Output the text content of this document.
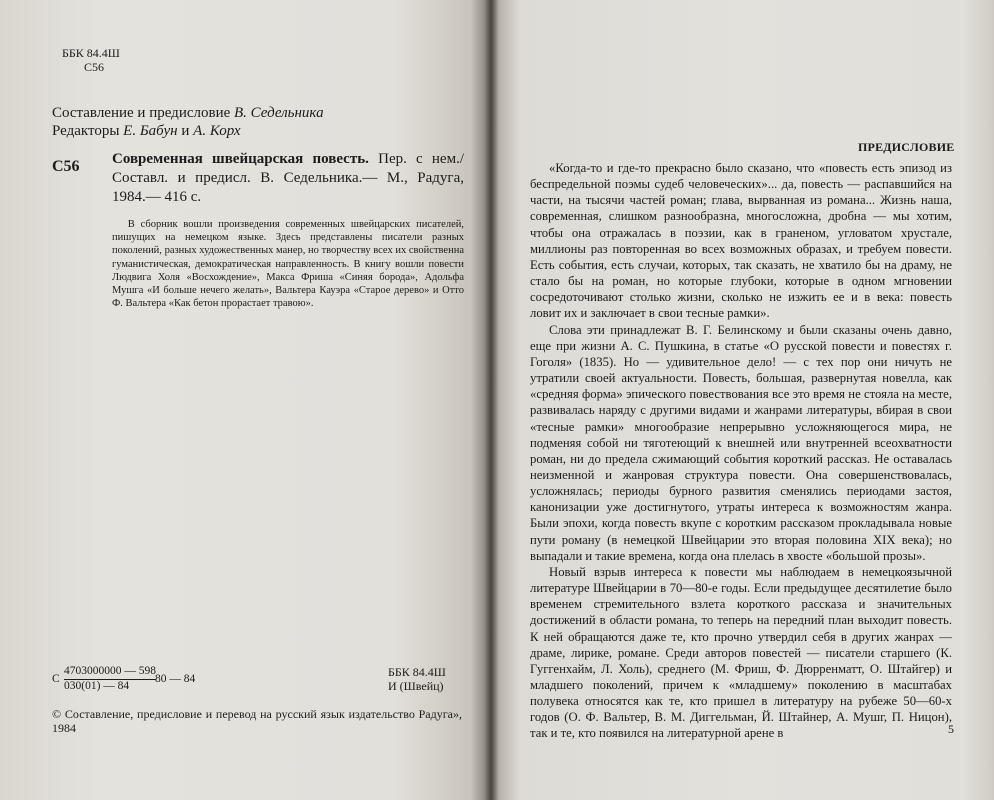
ББК 84.4Ш
С56
Составление и предисловие В. Седельника
Редакторы Е. Бабун и А. Корх
С56 Современная швейцарская повесть. Пер. с нем./Составл. и предисл. В. Седельника.— М., Радуга, 1984.— 416 с.

В сборник вошли произведения современных швейцарских писателей, пишущих на немецком языке. Здесь представлены писатели разных поколений, разных художественных манер, но творчеству всех их свойственна гуманистическая, демократическая направленность. В книгу вошли повести Людвига Холя «Восхождение», Макса Фриша «Синяя борода», Адольфа Мушга «И больше нечего желать», Вальтера Кауэра «Старое дерево» и Отто Ф. Вальтера «Как бетон прорастает травою».

С
4703000000 — 598
030(01) — 84
80 — 84	ББК 84.4Ш
И (Швейц)

© Составление, предисловие и перевод на русский язык издательство Радуга», 1984

ПРЕДИСЛОВИЕ

«Когда-то и где-то прекрасно было сказано, что «повесть есть эпизод из беспредельной поэмы судеб человеческих»... да, повесть — распавшийся на части, на тысячи частей роман; глава, вырванная из романа... Жизнь наша, современная, слишком разнообразна, многосложна, дробна — мы хотим, чтобы она отражалась в поэзии, как в граненом, угловатом хрустале, миллионы раз повторенная во всех возможных образах, и требуем повести. Есть события, есть случаи, которых, так сказать, не хватило бы на драму, не стало бы на роман, но которые глубоки, которые в одном мгновении сосредоточивают столько жизни, сколько не изжить ее и в века: повесть ловит их и заключает в свои тесные рамки».

Слова эти принадлежат В. Г. Белинскому и были сказаны очень давно, еще при жизни А. С. Пушкина, в статье «О русской повести и повестях г. Гоголя» (1835). Но — удивительное дело! — с тех пор они ничуть не утратили своей актуальности. Повесть, большая, развернутая новелла, как «средняя форма» эпического повествования все это время не стояла на месте, развивалась наряду с другими видами и жанрами литературы, вбирая в свои «тесные рамки» многообразие непрерывно усложняющегося мира, не подменяя собой ни тяготеющий к внешней или внутренней всеохватности роман, ни до предела сжимающий события короткий рассказ. Не оставалась неизменной и жанровая структура повести. Она совершенствовалась, усложнялась; периоды бурного развития сменялись периодами застоя, канонизации уже достигнутого, утраты интереса к возможностям жанра. Были эпохи, когда повесть вкупе с коротким рассказом прокладывала новые пути роману (в немецкой Швейцарии это вторая половина XIX века); но выпадали и такие времена, когда она плелась в хвосте «большой прозы».

Новый взрыв интереса к повести мы наблюдаем в немецкоязычной литературе Швейцарии в 70—80-е годы. Если предыдущее десятилетие было временем стремительного взлета короткого рассказа и значительных достижений в области романа, то теперь на передний план выходит повесть. К ней обращаются даже те, кто прочно утвердил себя в других жанрах — драме, лирике, романе. Среди авторов повестей — писатели старшего (К. Гуггенхайм, Л. Холь), среднего (М. Фриш, Ф. Дюрренматт, О. Штайгер) и младшего поколений, причем к «младшему» поколению в масштабах полувека относятся как те, кто пришел в литературу на рубеже 50—60-х годов (О. Ф. Вальтер, В. М. Диггельман, Й. Штайнер, А. Мушг, П. Ницон), так и те, кто появился на литературной арене в	5
